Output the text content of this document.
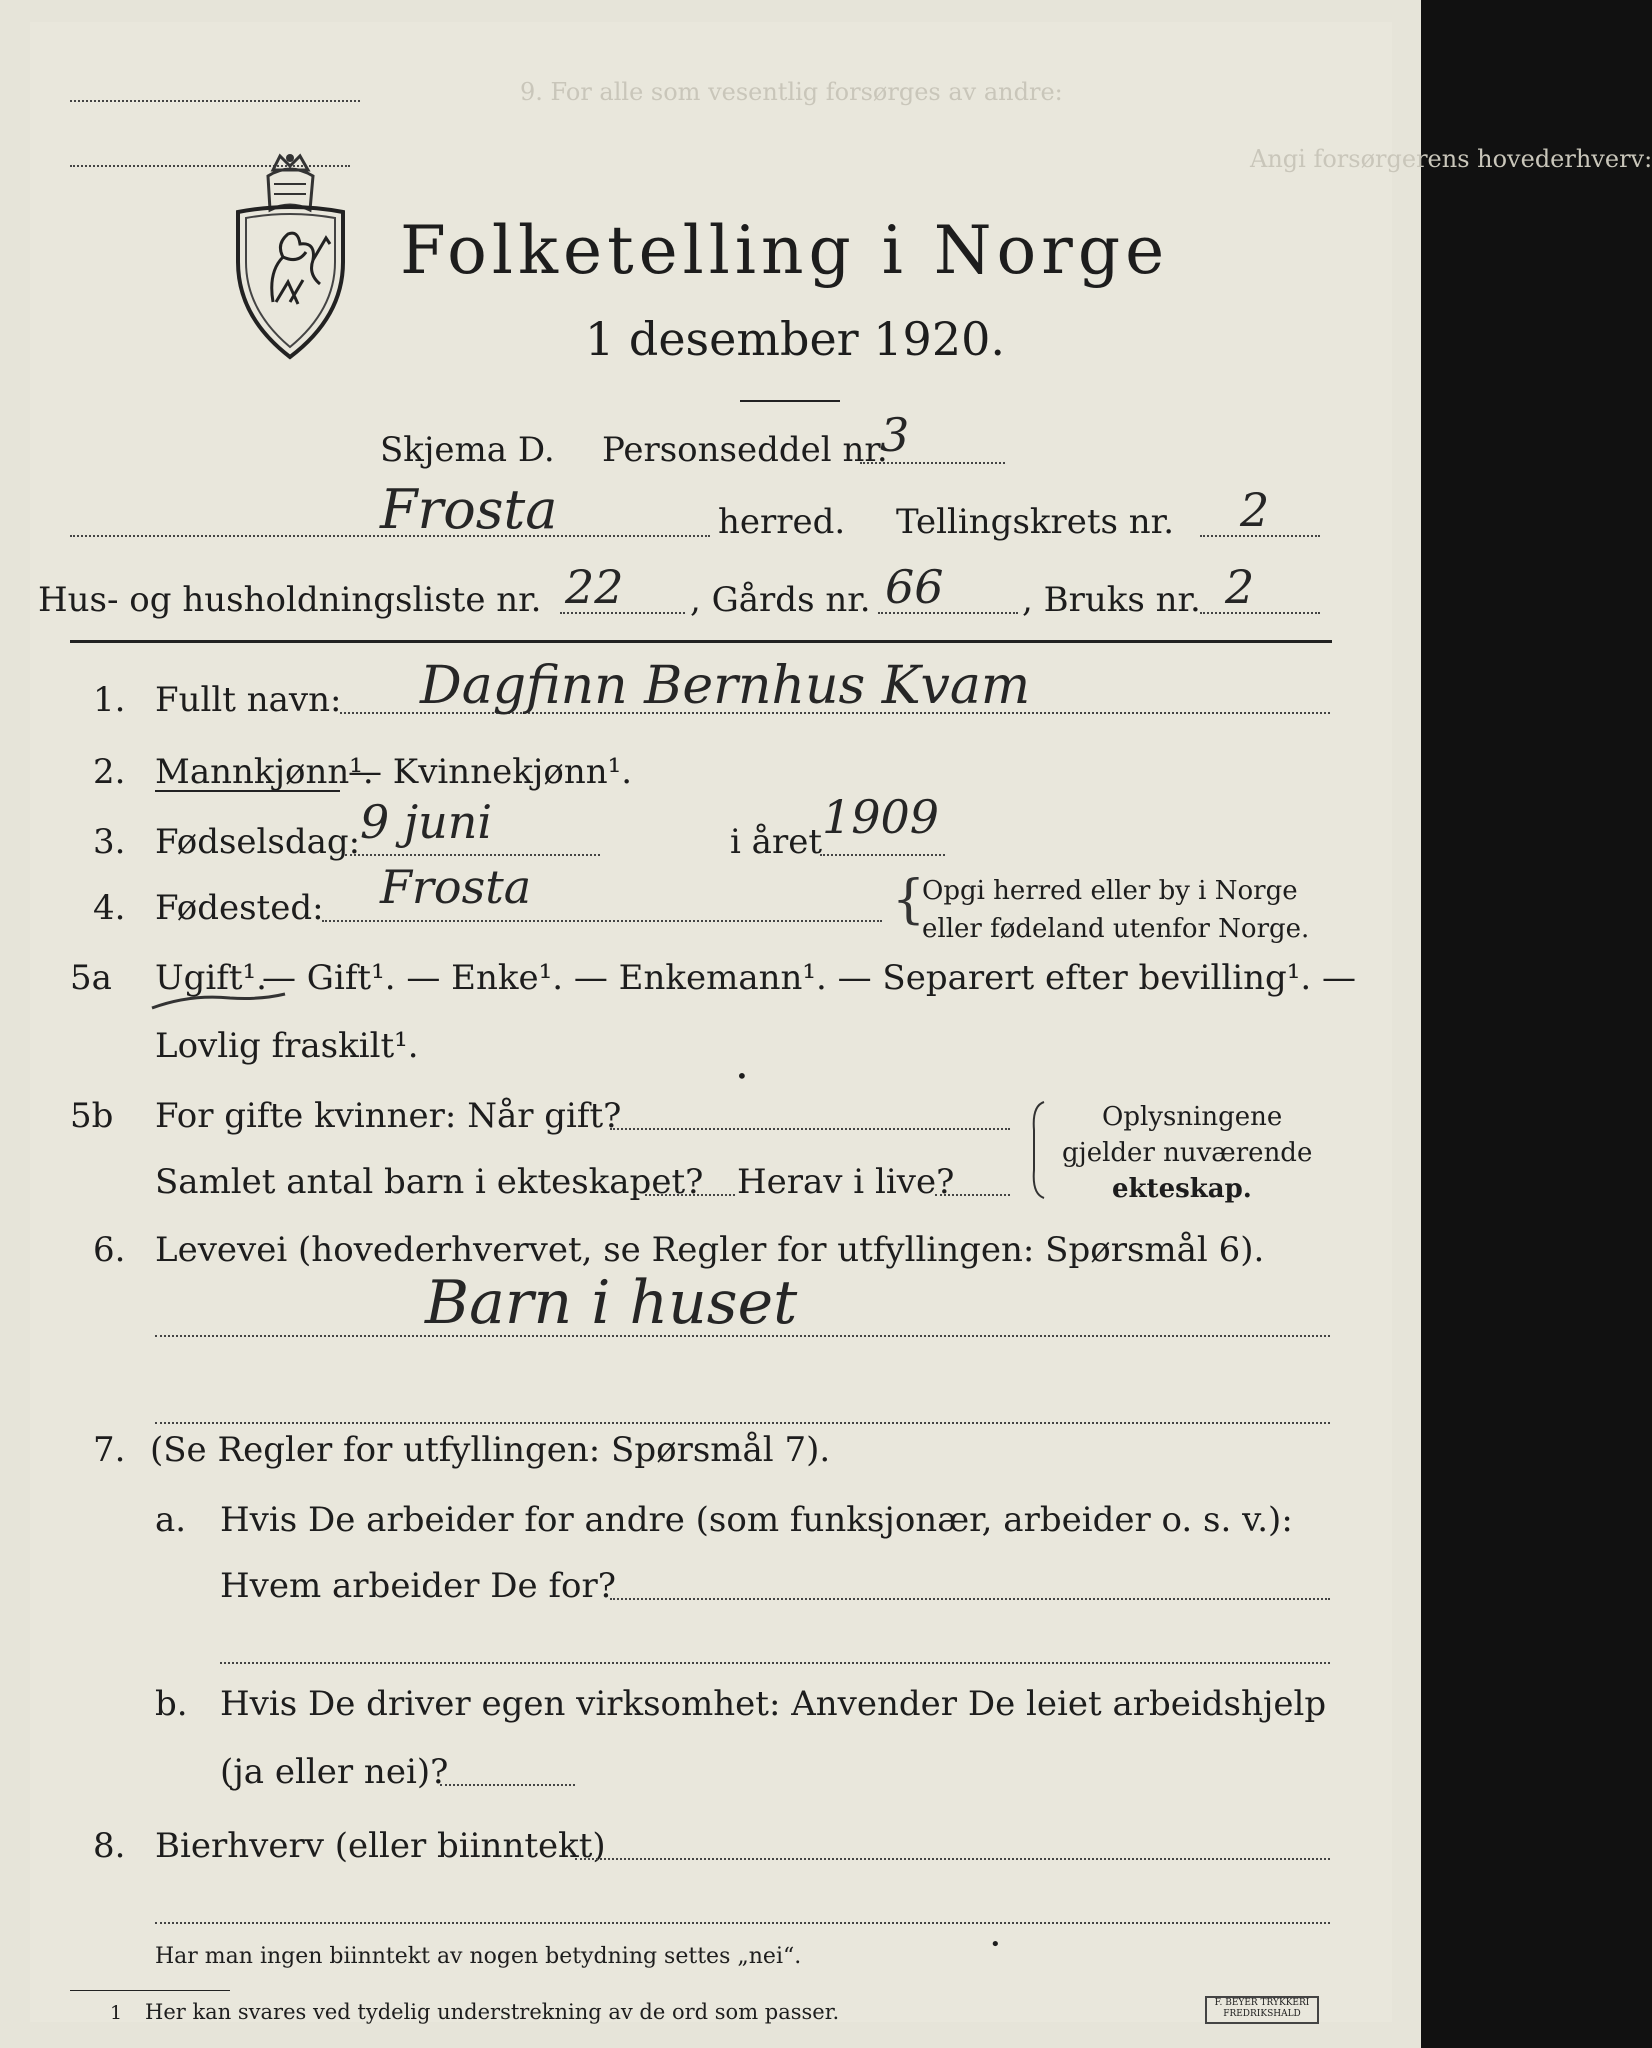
9. For alle som vesentlig forsørges av andre:
Angi forsørgerens hovederhverv:
Folketelling i Norge
1 desember 1920.
Skjema D. Personseddel nr.
3
Frosta	herred. Tellingskrets nr. 2
Hus- og husholdningsliste nr. 22 , Gårds nr. 66 , Bruks nr. 2
1. Fullt navn: Dagfinn Bernhus Kvam
2. Mannkjønn¹.
— Kvinnekjønn¹.
3. Fødselsdag: 9 juni	i året 1909
4. Fødested: Frosta	{
Opgi herred eller by i Norge
eller fødeland utenfor Norge.
5a Ugift¹.
— Gift¹. — Enke¹. — Enkemann¹. — Separert efter bevilling¹. —
Lovlig fraskilt¹.
•
5b For gifte kvinner: Når gift?
Samlet antal barn i ekteskapet? Herav i live?
Oplysningene
gjelder nuværende
ekteskap.
6. Levevei (hovederhvervet, se Regler for utfyllingen: Spørsmål 6).
Barn i huset
7. (Se Regler for utfyllingen: Spørsmål 7).
a. Hvis De arbeider for andre (som funksjonær, arbeider o. s. v.):
Hvem arbeider De for?
b. Hvis De driver egen virksomhet: Anvender De leiet arbeidshjelp
(ja eller nei)?
8. Bierhverv (eller biinntekt)
Har man ingen biinntekt av nogen betydning settes „nei“.	•
1 Her kan svares ved tydelig understrekning av de ord som passer.	F. BEYER TRYKKERI FREDRIKSHALD
